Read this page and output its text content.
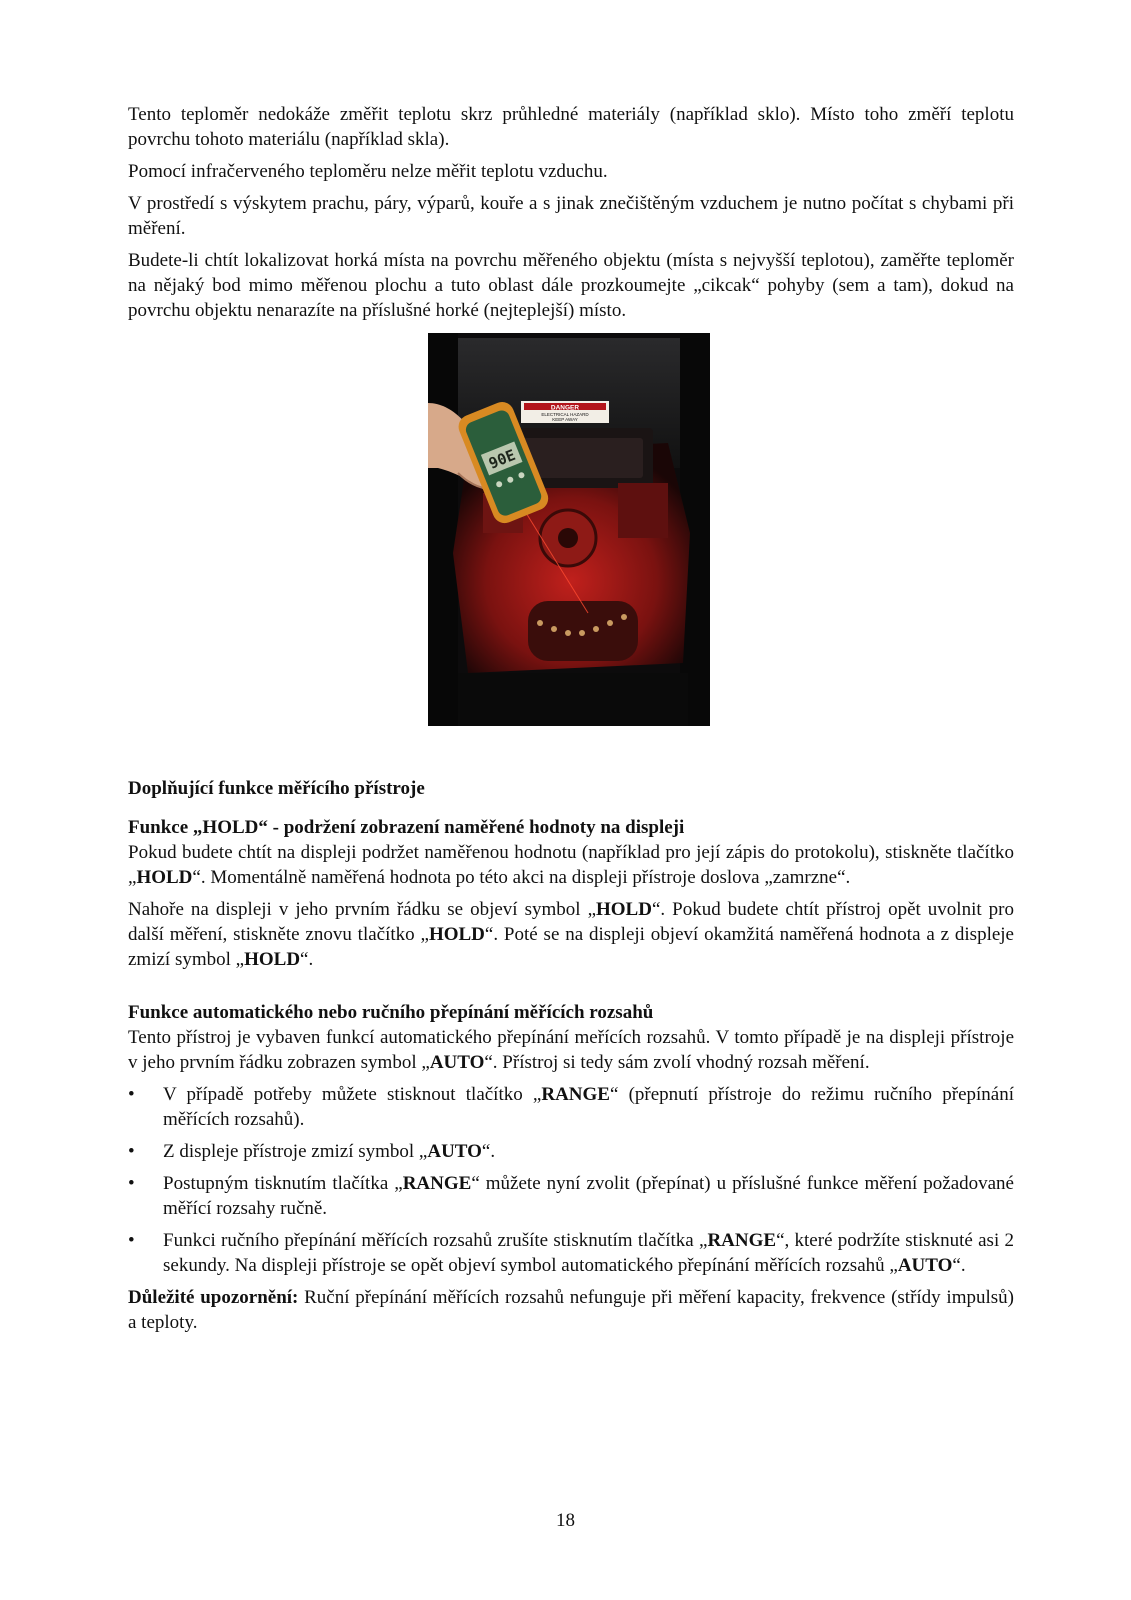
Tento teploměr nedokáže změřit teplotu skrz průhledné materiály (například sklo). Místo toho změří teplotu povrchu tohoto materiálu (například skla).

Pomocí infračerveného teploměru nelze měřit teplotu vzduchu.

V prostředí s výskytem prachu, páry, výparů, kouře a s jinak znečištěným vzduchem je nutno počítat s chybami při měření.

Budete-li chtít lokalizovat horká místa na povrchu měřeného objektu (místa s nejvyšší teplotou), zaměřte teploměr na nějaký bod mimo měřenou plochu a tuto oblast dále prozkoumejte „cikcak“ pohyby (sem a tam), dokud na povrchu objektu nenarazíte na příslušné horké (nejteplejší) místo.

DANGER
ELECTRICAL HAZARD
KEEP AWAY
90E

Doplňující funkce měřícího přístroje

Funkce „HOLD“ - podržení zobrazení naměřené hodnoty na displeji

Pokud budete chtít na displeji podržet naměřenou hodnotu (například pro její zápis do protokolu), stiskněte tlačítko „HOLD“. Momentálně naměřená hodnota po této akci na displeji přístroje doslova „zamrzne“.

Nahoře na displeji v jeho prvním řádku se objeví symbol „HOLD“. Pokud budete chtít přístroj opět uvolnit pro další měření, stiskněte znovu tlačítko „HOLD“. Poté se na displeji objeví okamžitá naměřená hodnota a z displeje zmizí symbol „HOLD“.

Funkce automatického nebo ručního přepínání měřících rozsahů

Tento přístroj je vybaven funkcí automatického přepínání meřících rozsahů. V tomto případě je na displeji přístroje v jeho prvním řádku zobrazen symbol „AUTO“. Přístroj si tedy sám zvolí vhodný rozsah měření.

•	V případě potřeby můžete stisknout tlačítko „RANGE“ (přepnutí přístroje do režimu ručního přepínání měřících rozsahů).
•	Z displeje přístroje zmizí symbol „AUTO“.
•	Postupným tisknutím tlačítka „RANGE“ můžete nyní zvolit (přepínat) u příslušné funkce měření požadované měřící rozsahy ručně.
•	Funkci ručního přepínání měřících rozsahů zrušíte stisknutím tlačítka „RANGE“, které podržíte stisknuté asi 2 sekundy. Na displeji přístroje se opět objeví symbol automatického přepínání měřících rozsahů „AUTO“.

Důležité upozornění: Ruční přepínání měřících rozsahů nefunguje při měření kapacity, frekvence (střídy impulsů) a teploty.

18
